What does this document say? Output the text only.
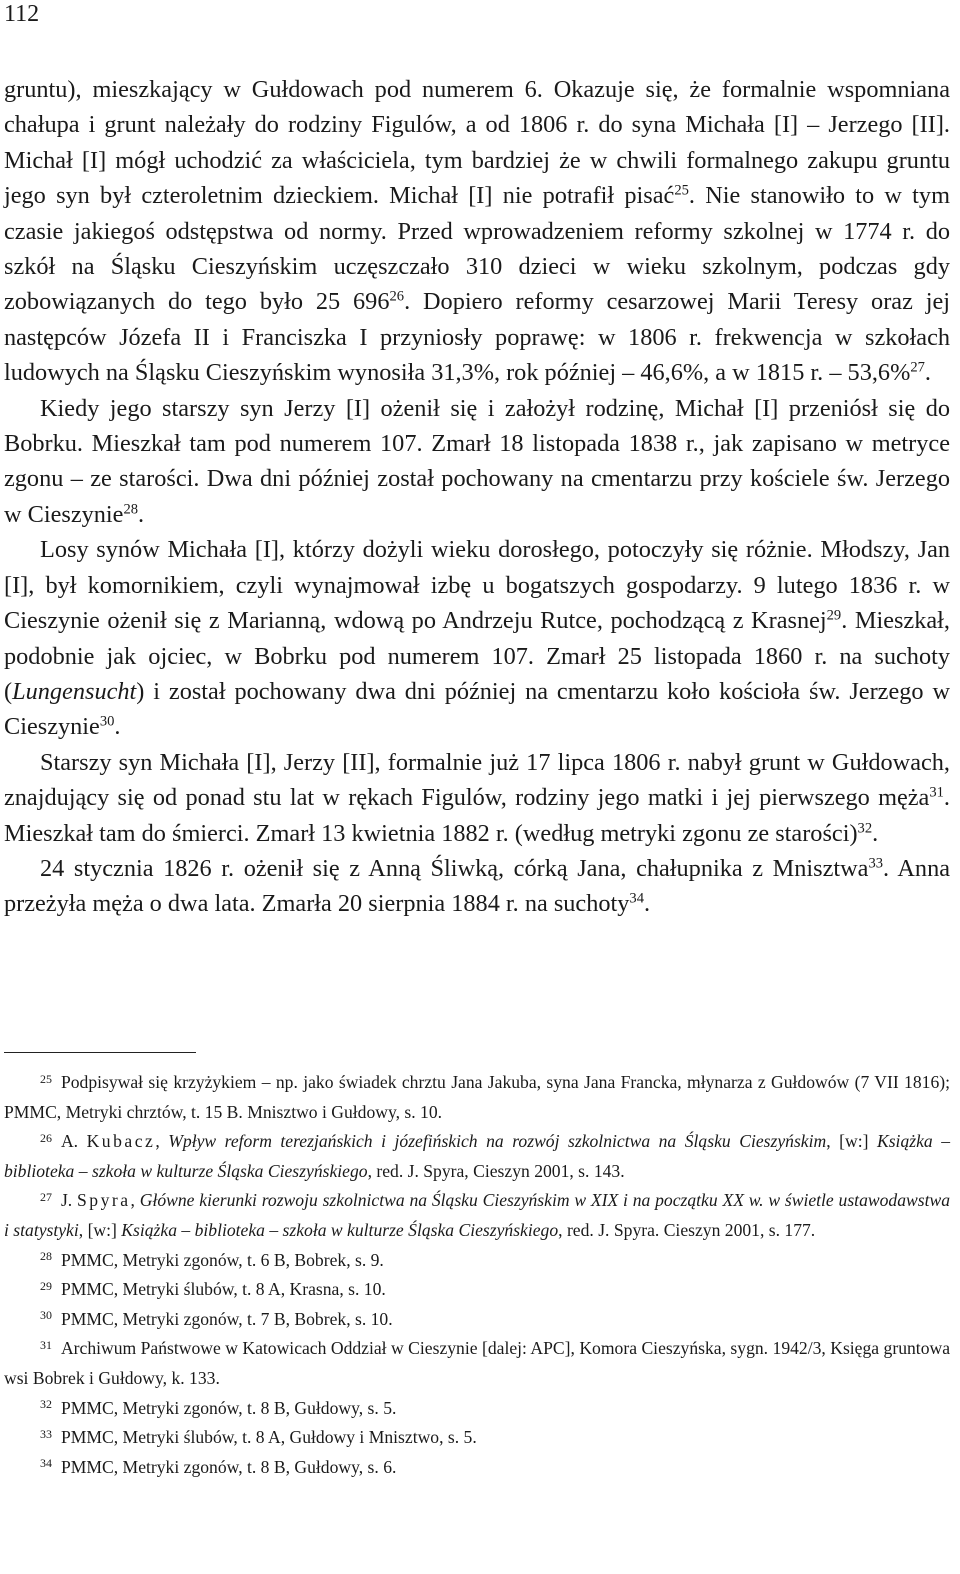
112

gruntu), mieszkający w Gułdowach pod numerem 6. Okazuje się, że formalnie wspomniana chałupa i grunt należały do rodziny Figulów, a od 1806 r. do syna Michała [I] – Jerzego [II]. Michał [I] mógł uchodzić za właściciela, tym bardziej że w chwili formalnego zakupu gruntu jego syn był czteroletnim dzieckiem. Michał [I] nie potrafił pisać$^{25}$. Nie stanowiło to w tym czasie jakiegoś odstępstwa od normy. Przed wprowadzeniem reformy szkolnej w 1774 r. do szkół na Śląsku Cieszyńskim uczęszczało 310 dzieci w wieku szkolnym, podczas gdy zobowiązanych do tego było 25 $696^{26}$. Dopiero reformy cesarzowej Marii Teresy oraz jej następców Józefa II i Franciszka I przyniosły poprawę: w 1806 r. frekwencja w szkołach ludowych na Śląsku Cieszyńskim wynosiła 31,3%, rok później – 46,6%, a w 1815 r. – 53,6%$^{27}$.

Kiedy jego starszy syn Jerzy [I] ożenił się i założył rodzinę, Michał [I] przeniósł się do Bobrku. Mieszkał tam pod numerem 107. Zmarł 18 listopada 1838 r., jak zapisano w metryce zgonu – ze starości. Dwa dni później został pochowany na cmentarzu przy kościele św. Jerzego w Cieszynie$^{28}$.

Losy synów Michała [I], którzy dożyli wieku dorosłego, potoczyły się różnie. Młodszy, Jan [I], był komornikiem, czyli wynajmował izbę u bogatszych gospodarzy. 9 lutego 1836 r. w Cieszynie ożenił się z Marianną, wdową po Andrzeju Rutce, pochodzącą z Krasnej$^{29}$. Mieszkał, podobnie jak ojciec, w Bobrku pod numerem 107. Zmarł 25 listopada 1860 r. na suchoty (Lungensucht) i został pochowany dwa dni później na cmentarzu koło kościoła św. Jerzego w Cieszynie$^{30}$.

Starszy syn Michała [I], Jerzy [II], formalnie już 17 lipca 1806 r. nabył grunt w Gułdowach, znajdujący się od ponad stu lat w rękach Figulów, rodziny jego matki i jej pierwszego męża$^{31}$. Mieszkał tam do śmierci. Zmarł 13 kwietnia 1882 r. (według metryki zgonu ze starości)$^{32}$.

24 stycznia 1826 r. ożenił się z Anną Śliwką, córką Jana, chałupnika z Mnisztwa$^{33}$. Anna przeżyła męża o dwa lata. Zmarła 20 sierpnia 1884 r. na suchoty$^{34}$.

$^{25}$ Podpisywał się krzyżykiem – np. jako świadek chrztu Jana Jakuba, syna Jana Francka, młynarza z Gułdowów (7 VII 1816); PMMC, Metryki chrztów, t. 15 B. Mnisztwo i Gułdowy, s. 10.

$^{26}$ A. Kubacz, Wpływ reform terezjańskich i józefińskich na rozwój szkolnictwa na Śląsku Cieszyńskim, [w:] Książka – biblioteka – szkoła w kulturze Śląska Cieszyńskiego, red. J. Spyra, Cieszyn 2001, s. 143.

$^{27}$ J. Spyra, Główne kierunki rozwoju szkolnictwa na Śląsku Cieszyńskim w XIX i na początku XX w. w świetle ustawodawstwa i statystyki, [w:] Książka – biblioteka – szkoła w kulturze Śląska Cieszyńskiego, red. J. Spyra. Cieszyn 2001, s. 177.

$^{28}$ PMMC, Metryki zgonów, t. 6 B, Bobrek, s. 9.

$^{29}$ PMMC, Metryki ślubów, t. 8 A, Krasna, s. 10.

$^{30}$ PMMC, Metryki zgonów, t. 7 B, Bobrek, s. 10.

$^{31}$ Archiwum Państwowe w Katowicach Oddział w Cieszynie [dalej: APC], Komora Cieszyńska, sygn. 1942/3, Księga gruntowa wsi Bobrek i Gułdowy, k. 133.

$^{32}$ PMMC, Metryki zgonów, t. 8 B, Gułdowy, s. 5.

$^{33}$ PMMC, Metryki ślubów, t. 8 A, Gułdowy i Mnisztwo, s. 5.

$^{34}$ PMMC, Metryki zgonów, t. 8 B, Gułdowy, s. 6.
